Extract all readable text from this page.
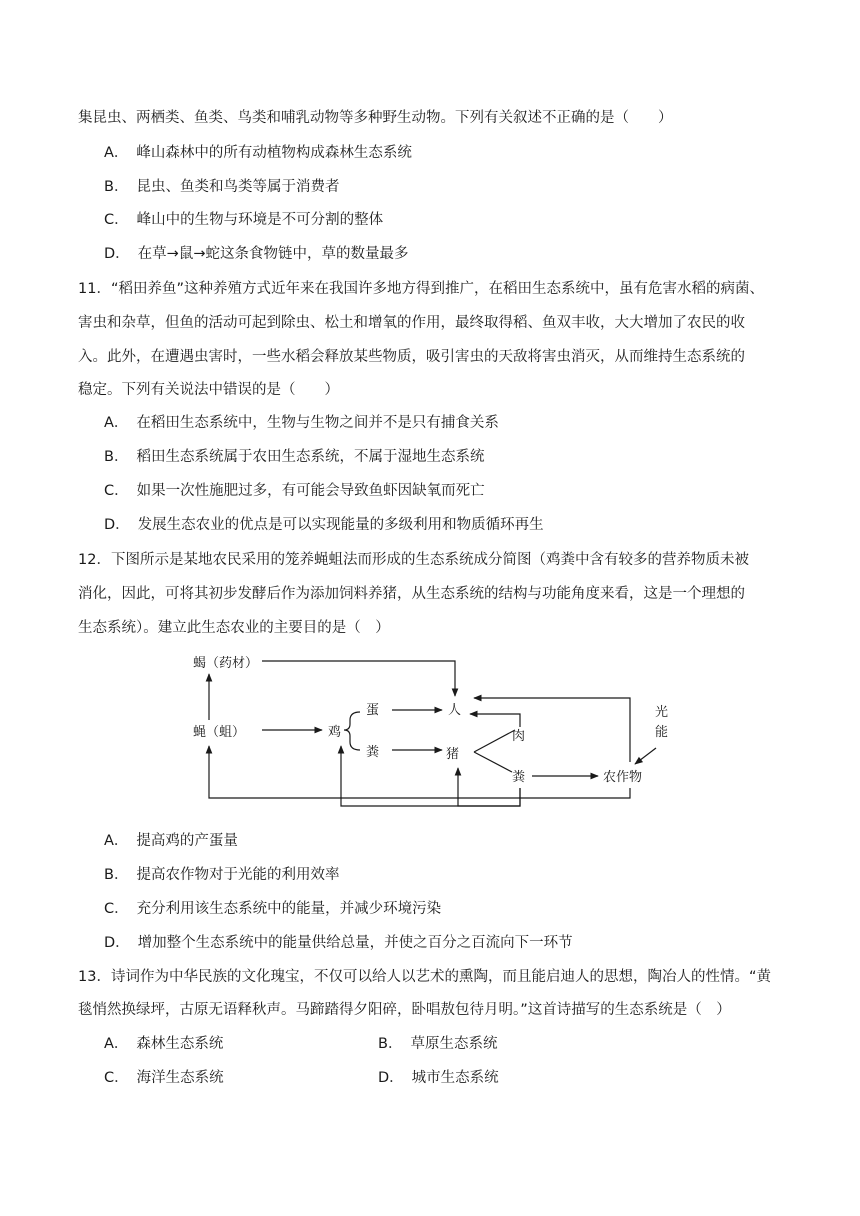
集昆虫、两栖类、鱼类、鸟类和哺乳动物等多种野生动物。下列有关叙述不正确的是（　　）
A． 峰山森林中的所有动植物构成森林生态系统
B． 昆虫、鱼类和鸟类等属于消费者
C． 峰山中的生物与环境是不可分割的整体
D． 在草→鼠→蛇这条食物链中，草的数量最多
11．“稻田养鱼”这种养殖方式近年来在我国许多地方得到推广，在稻田生态系统中，虽有危害水稻的病菌、
害虫和杂草，但鱼的活动可起到除虫、松土和增氧的作用，最终取得稻、鱼双丰收，大大增加了农民的收
入。此外，在遭遇虫害时，一些水稻会释放某些物质，吸引害虫的天敌将害虫消灭，从而维持生态系统的
稳定。下列有关说法中错误的是（　　）
A． 在稻田生态系统中，生物与生物之间并不是只有捕食关系
B． 稻田生态系统属于农田生态系统，不属于湿地生态系统
C． 如果一次性施肥过多，有可能会导致鱼虾因缺氧而死亡
D． 发展生态农业的优点是可以实现能量的多级利用和物质循环再生
12．下图所示是某地农民采用的笼养蝇蛆法而形成的生态系统成分简图（鸡粪中含有较多的营养物质未被
消化，因此，可将其初步发酵后作为添加饲料养猪，从生态系统的结构与功能角度来看，这是一个理想的
生态系统）。建立此生态农业的主要目的是（　）
蝎（药材）
蝇（蛆）	鸡
蛋
粪
人
猪
肉
粪	农作物
光
能
A． 提高鸡的产蛋量
B． 提高农作物对于光能的利用效率
C． 充分利用该生态系统中的能量，并减少环境污染
D． 增加整个生态系统中的能量供给总量，并使之百分之百流向下一环节
13．诗词作为中华民族的文化瑰宝，不仅可以给人以艺术的熏陶，而且能启迪人的思想，陶冶人的性情。“黄
毯悄然换绿坪，古原无语释秋声。马蹄踏得夕阳碎，卧唱敖包待月明。”这首诗描写的生态系统是（　）
A． 森林生态系统	B． 草原生态系统
C． 海洋生态系统	D． 城市生态系统
